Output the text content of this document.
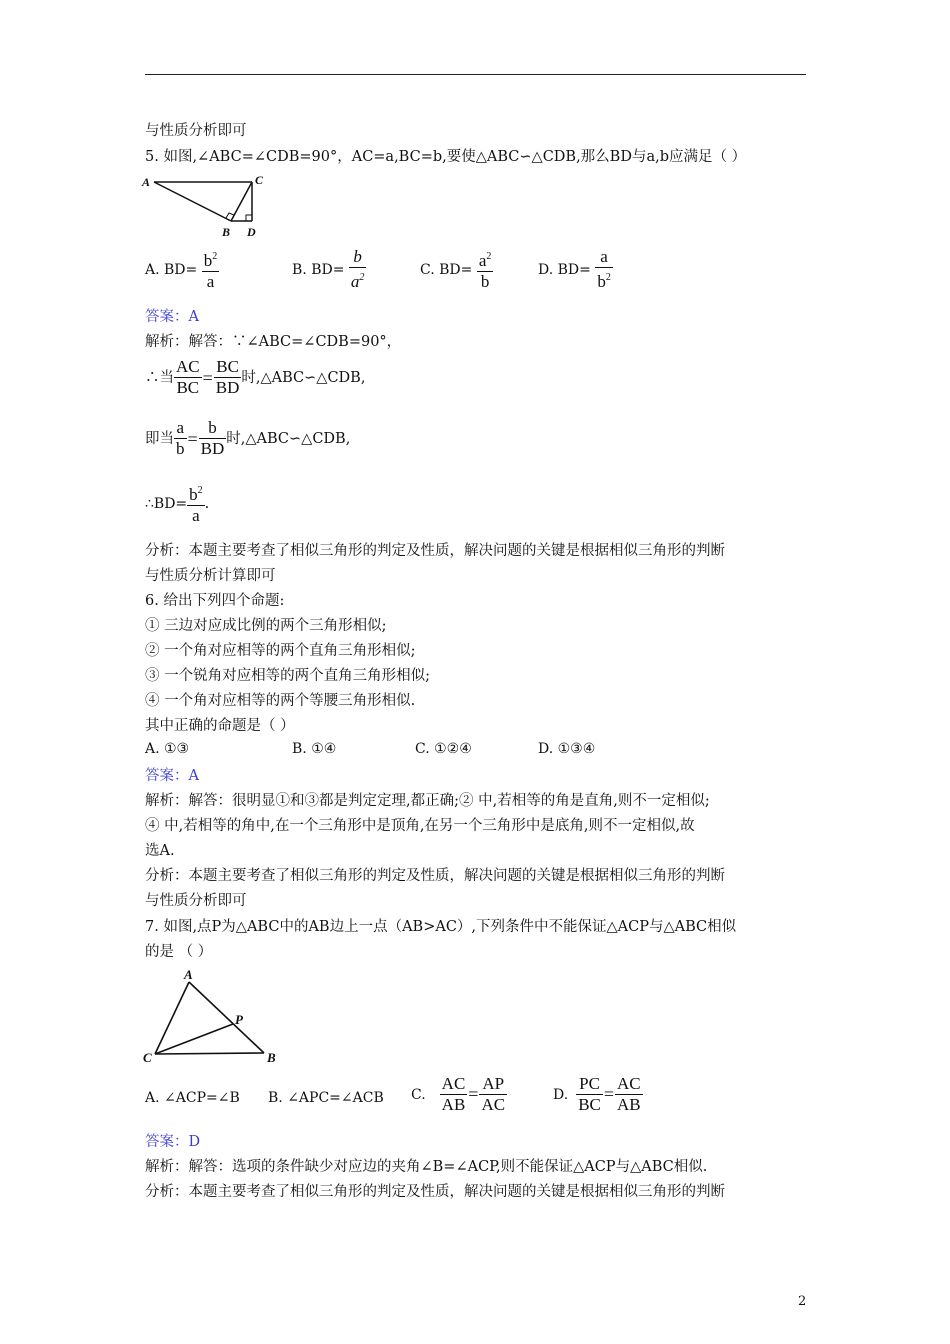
与性质分析即可
5. 如图,∠ABC=∠CDB=90°，AC=a,BC=b,要使△ABC∽△CDB,那么BD与a,b应满足（ ）
A	C
B D
A. $BD= \frac{b^2}{a}$	B. $BD= \frac{b}{a^2}$	C. $BD= \frac{a^2}{b}$	D. $BD= \frac{a}{b^2}$
答案：A
解析：解答：∵∠ABC=∠CDB=90°，
∴当 $\frac{AC}{BC} = \frac{BC}{BD}$ 时,△ABC∽△CDB,
即当 $\frac{a}{b} = \frac{b}{BD}$ 时,△ABC∽△CDB,
∴BD= $\frac{b^2}{a}$ .
分析：本题主要考查了相似三角形的判定及性质，解决问题的关键是根据相似三角形的判断
与性质分析计算即可
6. 给出下列四个命题:
① 三边对应成比例的两个三角形相似;
② 一个角对应相等的两个直角三角形相似;
③ 一个锐角对应相等的两个直角三角形相似;
④ 一个角对应相等的两个等腰三角形相似.
其中正确的命题是（ ）
A. ①③	B. ①④	C. ①②④	D. ①③④
答案：A
解析：解答：很明显①和③都是判定定理,都正确;② 中,若相等的角是直角,则不一定相似;
④ 中,若相等的角中,在一个三角形中是顶角,在另一个三角形中是底角,则不一定相似,故
选A.
分析：本题主要考查了相似三角形的判定及性质，解决问题的关键是根据相似三角形的判断
与性质分析即可
7. 如图,点P为△ABC中的AB边上一点（AB>AC）,下列条件中不能保证△ACP与△ABC相似
的是 （ ）
A
P
C	B
A. ∠ACP=∠B B. ∠APC=∠ACB C. $\frac{AC}{AB} = \frac{AP}{AC}$	D. $\frac{PC}{BC} = \frac{AC}{AB}$
答案：D
解析：解答：选项的条件缺少对应边的夹角∠B=∠ACP,则不能保证△ACP与△ABC相似.
分析：本题主要考查了相似三角形的判定及性质，解决问题的关键是根据相似三角形的判断
2
